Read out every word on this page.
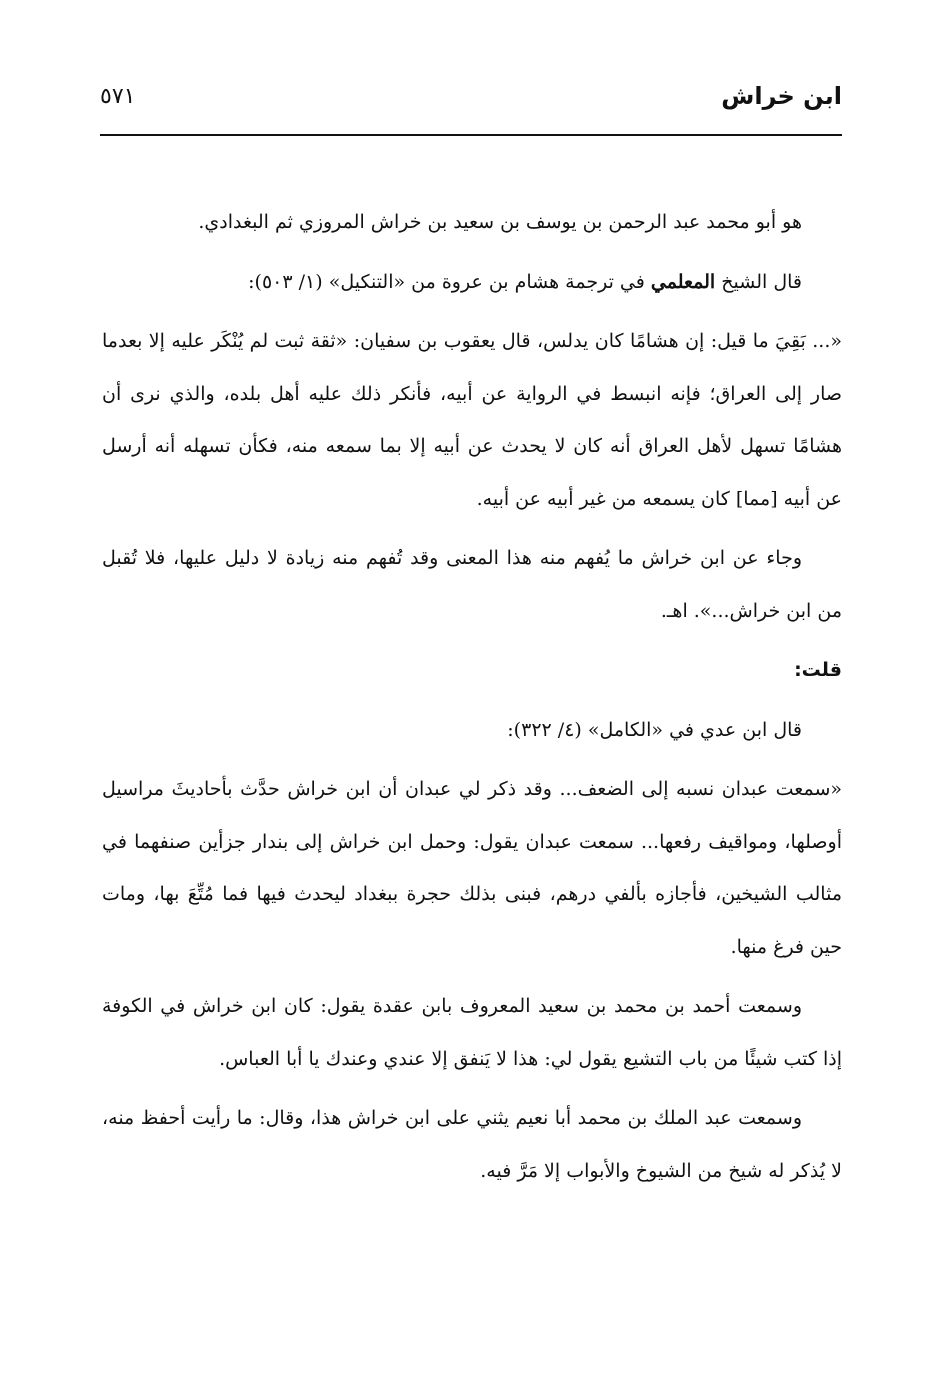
ابن خراش
٥٧١

هو أبو محمد عبد الرحمن بن يوسف بن سعيد بن خراش المروزي ثم البغدادي.

قال الشيخ المعلمي في ترجمة هشام بن عروة من «التنكيل» (١/ ٥٠٣):

«... بَقِيَ ما قيل: إن هشامًا كان يدلس، قال يعقوب بن سفيان: «ثقة ثبت لم يُنْكَر عليه إلا بعدما صار إلى العراق؛ فإنه انبسط في الرواية عن أبيه، فأنكر ذلك عليه أهل بلده، والذي نرى أن هشامًا تسهل لأهل العراق أنه كان لا يحدث عن أبيه إلا بما سمعه منه، فكأن تسهله أنه أرسل عن أبيه [مما] كان يسمعه من غير أبيه عن أبيه.

وجاء عن ابن خراش ما يُفهم منه هذا المعنى وقد تُفهم منه زيادة لا دليل عليها، فلا تُقبل من ابن خراش...». اهـ.

قلت:

قال ابن عدي في «الكامل» (٤/ ٣٢٢):

«سمعت عبدان نسبه إلى الضعف... وقد ذكر لي عبدان أن ابن خراش حدَّث بأحاديثَ مراسيل أوصلها، ومواقيف رفعها... سمعت عبدان يقول: وحمل ابن خراش إلى بندار جزأين صنفهما في مثالب الشيخين، فأجازه بألفي درهم، فبنى بذلك حجرة ببغداد ليحدث فيها فما مُتِّعَ بها، ومات حين فرغ منها.

وسمعت أحمد بن محمد بن سعيد المعروف بابن عقدة يقول: كان ابن خراش في الكوفة إذا كتب شيئًا من باب التشيع يقول لي: هذا لا يَنفق إلا عندي وعندك يا أبا العباس.

وسمعت عبد الملك بن محمد أبا نعيم يثني على ابن خراش هذا، وقال: ما رأيت أحفظ منه، لا يُذكر له شيخ من الشيوخ والأبواب إلا مَرَّ فيه.
